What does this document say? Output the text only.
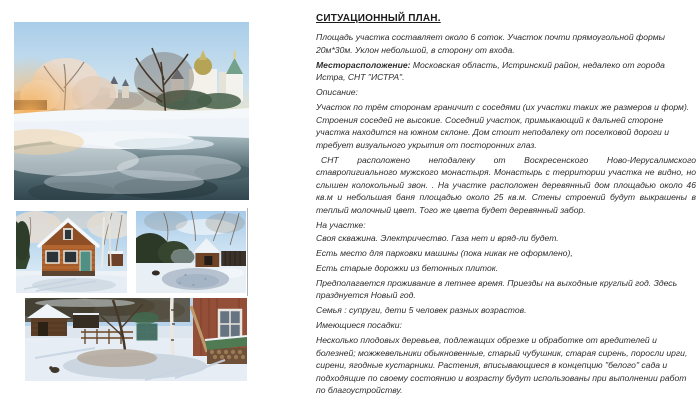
СИТУАЦИОННЫЙ ПЛАН.

Площадь участка составляет около 6 соток. Участок почти прямоугольной формы 20м*30м. Уклон небольшой, в сторону от входа.

Месторасположение: Московская область, Истринский район, недалеко от города Истра, СНТ "ИСТРА".

Описание:

Участок по трём сторонам граничит с соседями (их участки таких же размеров и форм). Строения соседей не высокие. Соседний участок, примыкающий к дальней стороне участка находится на южном склоне. Дом стоит неподалеку от поселковой дороги и требует визуального укрытия от посторонних глаз.

СНТ расположено неподалеку от Воскресенского Ново-Иерусалимского ставропигиального мужского монастыря. Монастырь с территории участка не видно, но слышен колокольный звон. . На участке расположен деревянный дом площадью около 46 кв.м и небольшая баня площадью около 25 кв.м. Стены строений будут выкрашены в теплый молочный цвет. Того же цвета будет деревянный забор.

На участке:

Своя скважина. Электричество. Газа нет и вряд-ли будет.

Есть место для парковки машины (пока никак не оформлено),

Есть старые дорожки из бетонных плиток.

Предполагается проживание в летнее время. Приезды на выходные круглый год. Здесь празднуется Новый год.

Семья : супруги, дети 5 человек разных возрастов.

Имеющиеся посадки:

Несколько плодовых деревьев, подлежащих обрезке и обработке от вредителей и болезней; можжевельники обыкновенные, старый чубушник, старая сирень, поросли ирги, сирени, ягодные кустарники. Растения, вписывающиеся в концепцию "белого" сада и подходящие по своему состоянию и возрасту будут использованы при выполнении работ по благоустройству.
